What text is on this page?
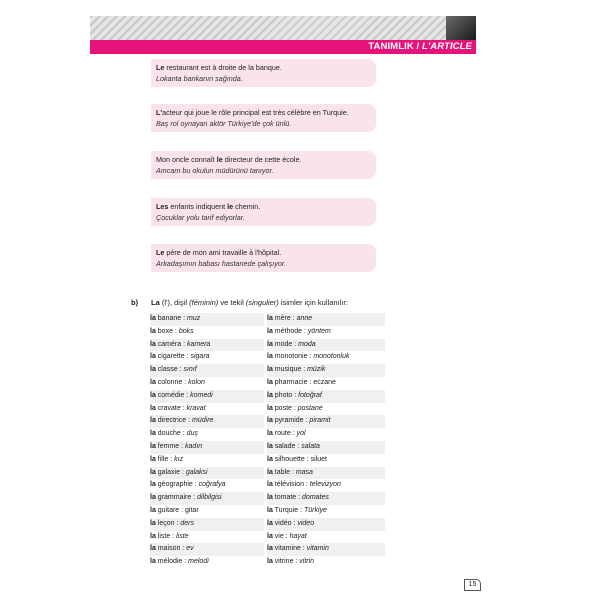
TANIMLIK / L'ARTICLE
Le restaurant est à droite de la banque.
Lokanta bankanın sağında.
L'acteur qui joue le rôle principal est très célèbre en Turquie.
Baş rol oynayan aktör Türkiye'de çok ünlü.
Mon oncle connaît le directeur de cette école.
Amcam bu okulun müdürünü tanıyor.
Les enfants indiquent le chemin.
Çocuklar yolu tarif ediyorlar.
Le père de mon ami travaille à l'hôpital.
Arkadaşımın babası hastanede çalışıyor.
b) La (l'), dişil (féminin) ve tekil (singulier) isimler için kullanılır:
la banane : muz
la boxe : boks
la caméra : kamera
la cigarette : sigara
la classe : sınıf
la colonne : kolon
la comédie : komedi
la cravate : kravat
la directrice : müdire
la douche : duş
la femme : kadın
la fille : kız
la galaxie : galaksi
la géographie : coğrafya
la grammaire : dilbilgisi
la guitare : gitar
la leçon : ders
la liste : liste
la maison : ev
la mélodie : melodi
la mère : anne
la méthode : yöntem
la mode : moda
la monotonie : monotonluk
la musique : müzik
la pharmacie : eczane
la photo : fotoğraf
la poste : postane
la pyramide : piramit
la route : yol
la salade : salata
la silhouette : siluet
la table : masa
la télévision : televizyon
la tomate : domates
la Turquie : Türkiye
la vidéo : video
la vie : hayat
la vitamine : vitamin
la vitrine : vitrin
15
